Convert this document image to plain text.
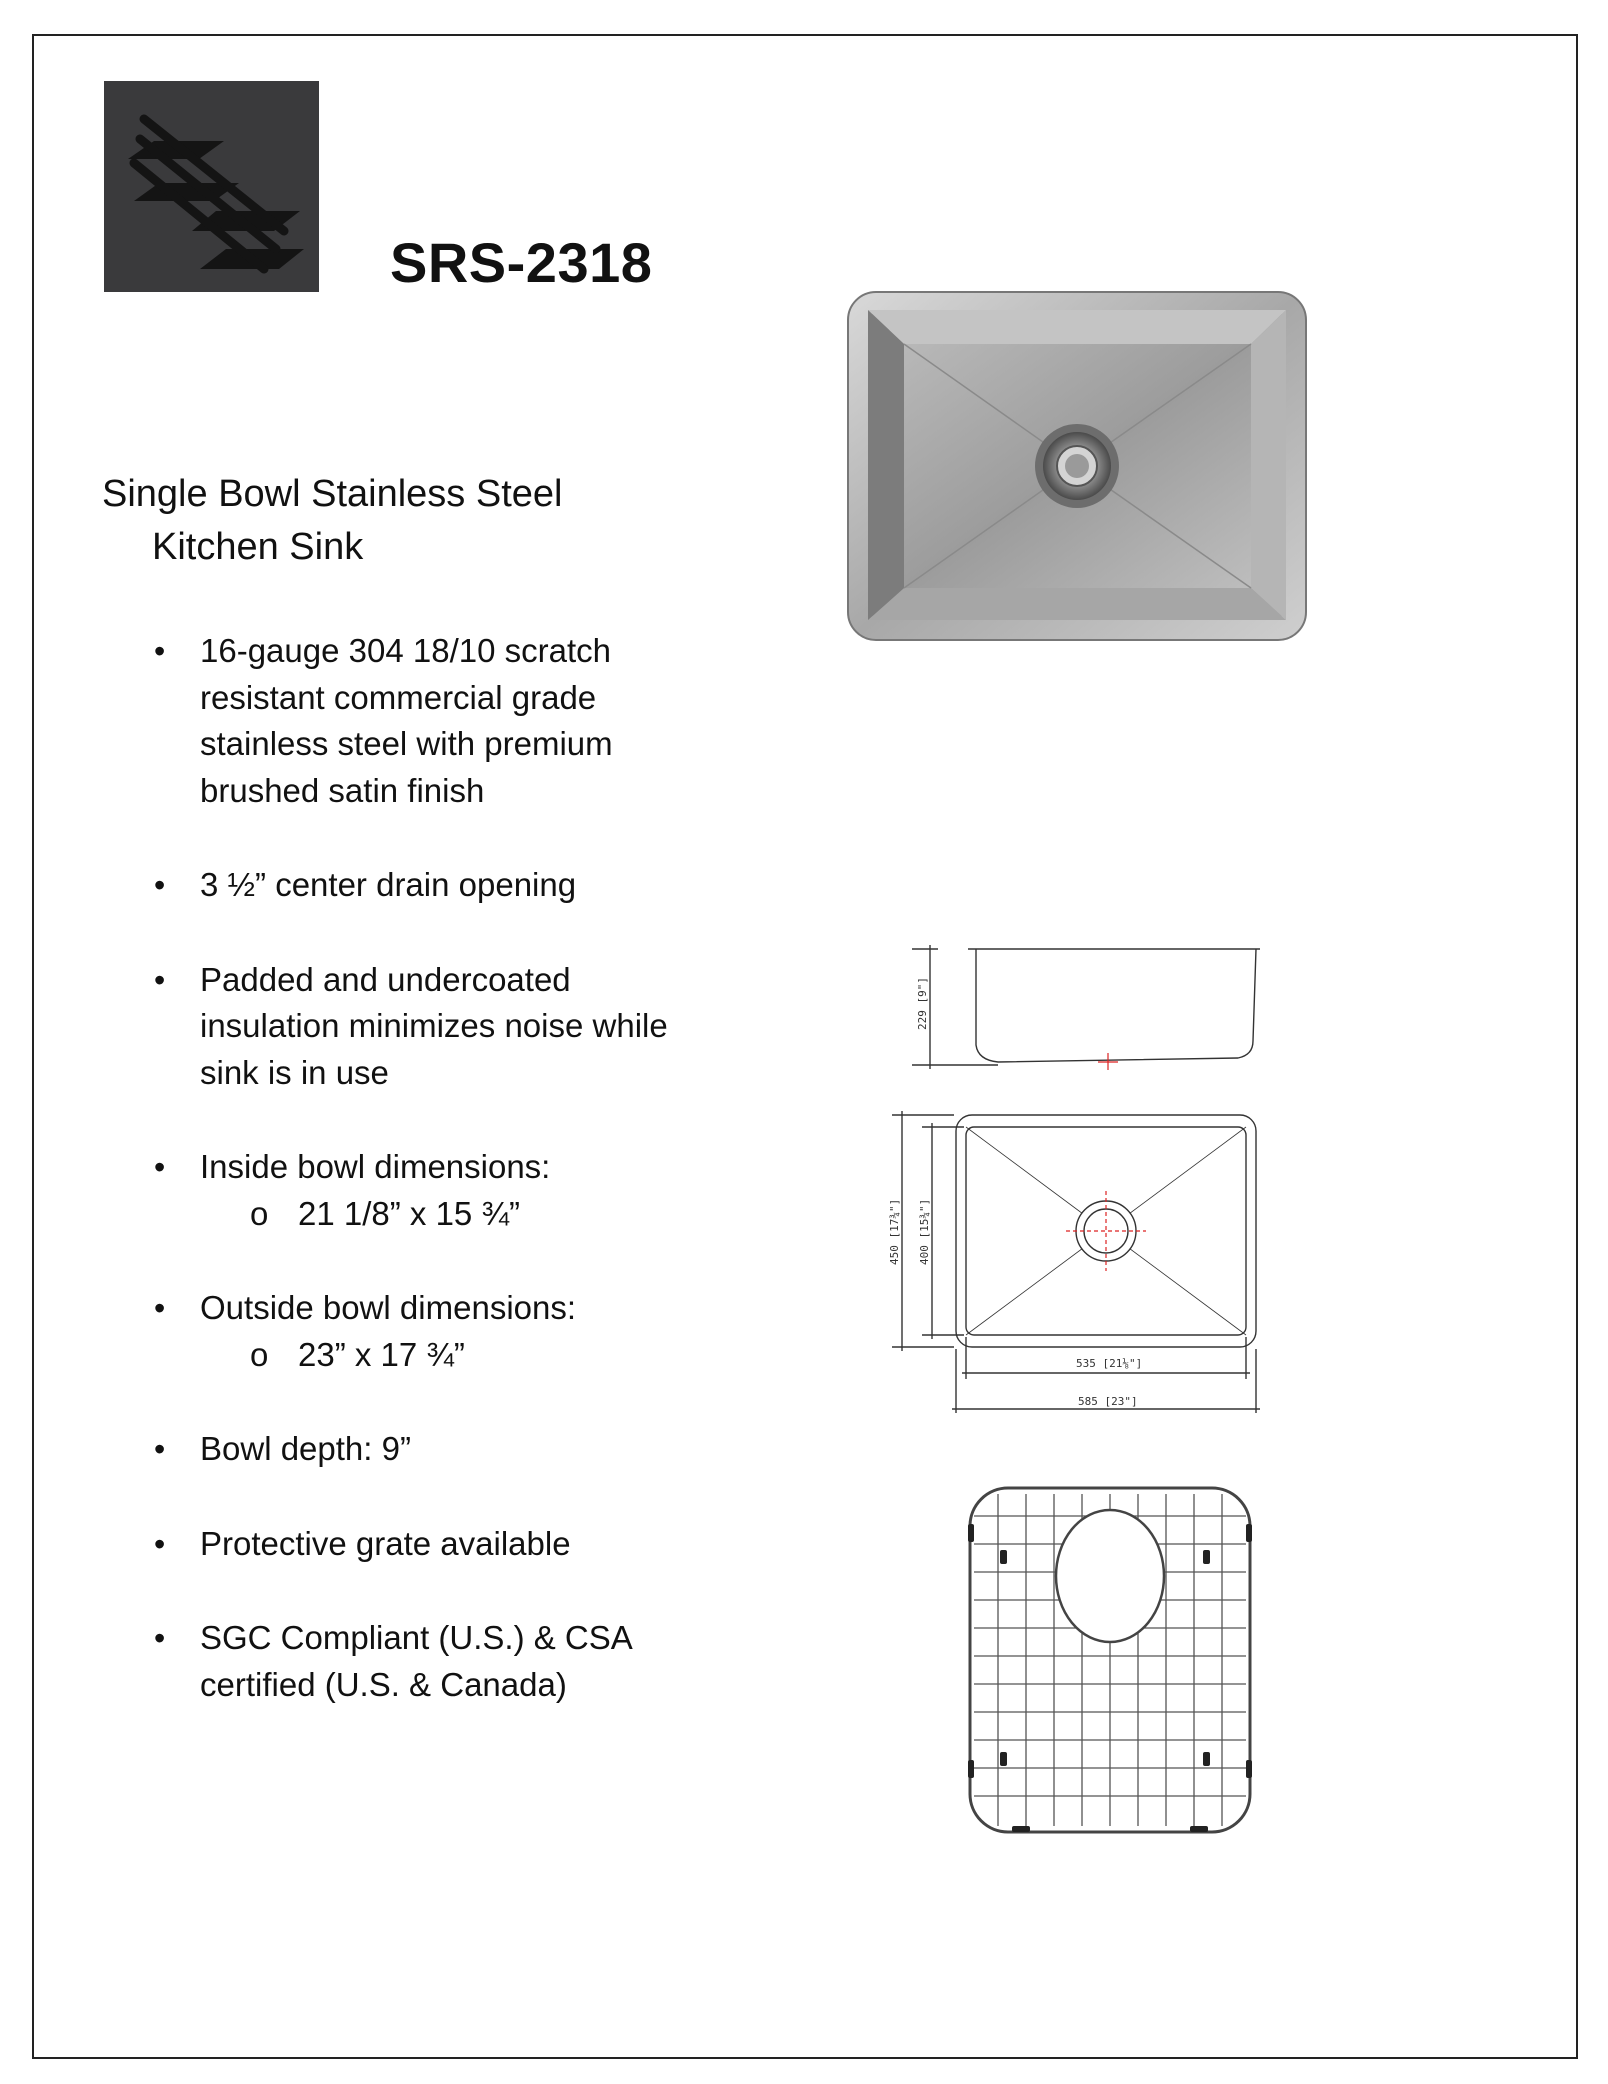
SRS-2318
Single Bowl Stainless Steel
Kitchen Sink
• 16-gauge 304 18/10 scratch resistant commercial grade stainless steel with premium brushed satin finish
• 3 ½” center drain opening
• Padded and undercoated insulation minimizes noise while sink is in use
• Inside bowl dimensions:
o 21 1/8” x 15 ¾”
• Outside bowl dimensions:
o 23” x 17 ¾”
• Bowl depth: 9”
• Protective grate available
• SGC Compliant (U.S.) & CSA certified (U.S. & Canada)
229 [9"]
450 [17¾"] 400 [15¾"]
535 [21⅛"]
585 [23"]
